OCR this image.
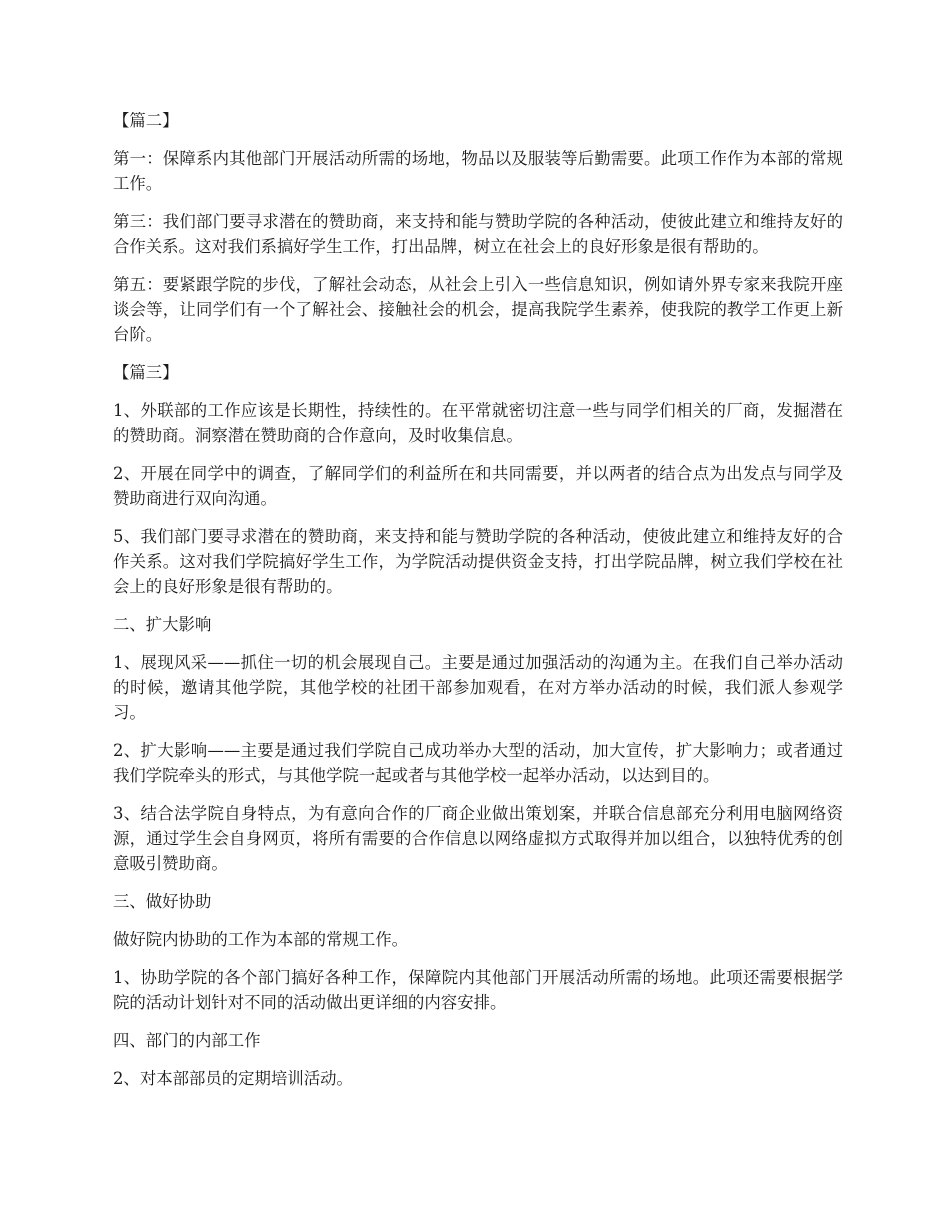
【篇二】

第一：保障系内其他部门开展活动所需的场地，物品以及服装等后勤需要。此项工作作为本部的常规工作。

第三：我们部门要寻求潜在的赞助商，来支持和能与赞助学院的各种活动，使彼此建立和维持友好的合作关系。这对我们系搞好学生工作，打出品牌，树立在社会上的良好形象是很有帮助的。

第五：要紧跟学院的步伐，了解社会动态，从社会上引入一些信息知识，例如请外界专家来我院开座谈会等，让同学们有一个了解社会、接触社会的机会，提高我院学生素养，使我院的教学工作更上新台阶。

【篇三】

1、外联部的工作应该是长期性，持续性的。在平常就密切注意一些与同学们相关的厂商，发掘潜在的赞助商。洞察潜在赞助商的合作意向，及时收集信息。

2、开展在同学中的调查，了解同学们的利益所在和共同需要，并以两者的结合点为出发点与同学及赞助商进行双向沟通。

5、我们部门要寻求潜在的赞助商，来支持和能与赞助学院的各种活动，使彼此建立和维持友好的合作关系。这对我们学院搞好学生工作，为学院活动提供资金支持，打出学院品牌，树立我们学校在社会上的良好形象是很有帮助的。

二、扩大影响

1、展现风采——抓住一切的机会展现自己。主要是通过加强活动的沟通为主。在我们自己举办活动的时候，邀请其他学院，其他学校的社团干部参加观看，在对方举办活动的时候，我们派人参观学习。

2、扩大影响——主要是通过我们学院自己成功举办大型的活动，加大宣传，扩大影响力；或者通过我们学院牵头的形式，与其他学院一起或者与其他学校一起举办活动，以达到目的。

3、结合法学院自身特点，为有意向合作的厂商企业做出策划案，并联合信息部充分利用电脑网络资源，通过学生会自身网页，将所有需要的合作信息以网络虚拟方式取得并加以组合，以独特优秀的创意吸引赞助商。

三、做好协助

做好院内协助的工作为本部的常规工作。

1、协助学院的各个部门搞好各种工作，保障院内其他部门开展活动所需的场地。此项还需要根据学院的活动计划针对不同的活动做出更详细的内容安排。

四、部门的内部工作

2、对本部部员的定期培训活动。
